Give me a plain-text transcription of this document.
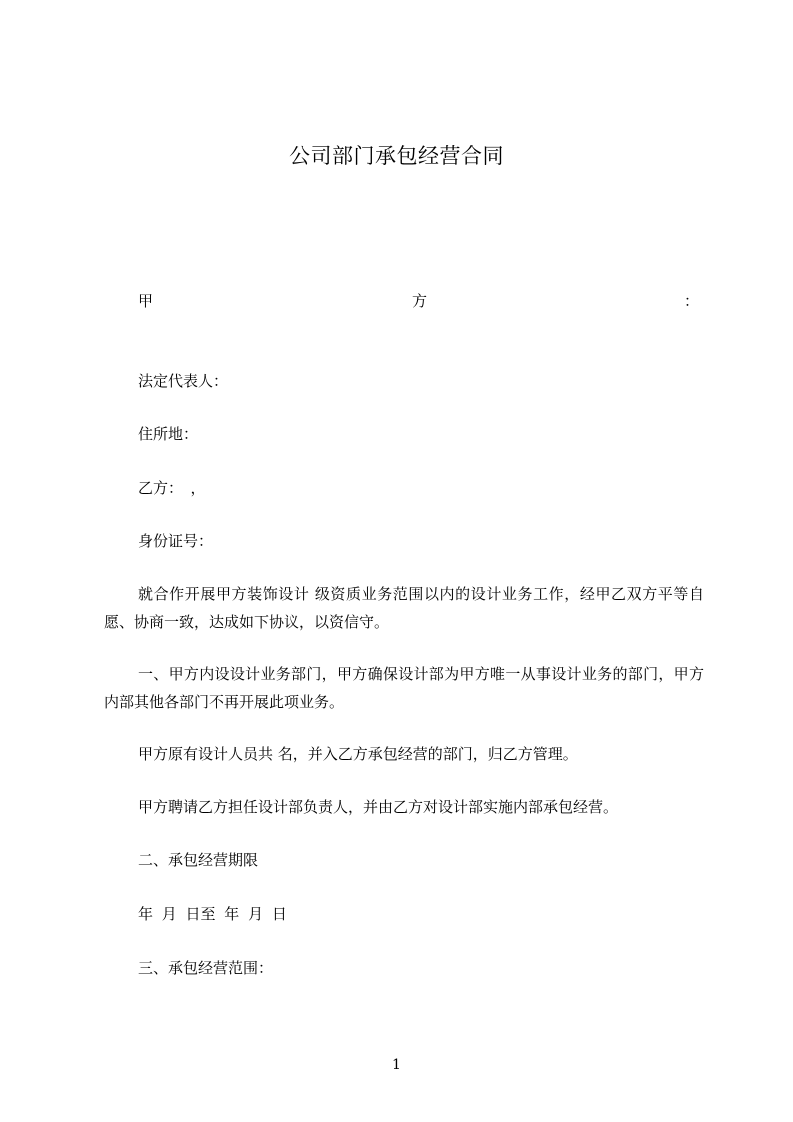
公司部门承包经营合同
甲	方	：
法定代表人：
住所地：
乙方：　，
身份证号：
就合作开展甲方装饰设计 级资质业务范围以内的设计业务工作，经甲乙双方平等自愿、协商一致，达成如下协议，以资信守。
一、甲方内设设计业务部门，甲方确保设计部为甲方唯一从事设计业务的部门，甲方内部其他各部门不再开展此项业务。
甲方原有设计人员共 名，并入乙方承包经营的部门，归乙方管理。
甲方聘请乙方担任设计部负责人，并由乙方对设计部实施内部承包经营。
二、承包经营期限
年 月 日至 年 月 日
三、承包经营范围：
1
